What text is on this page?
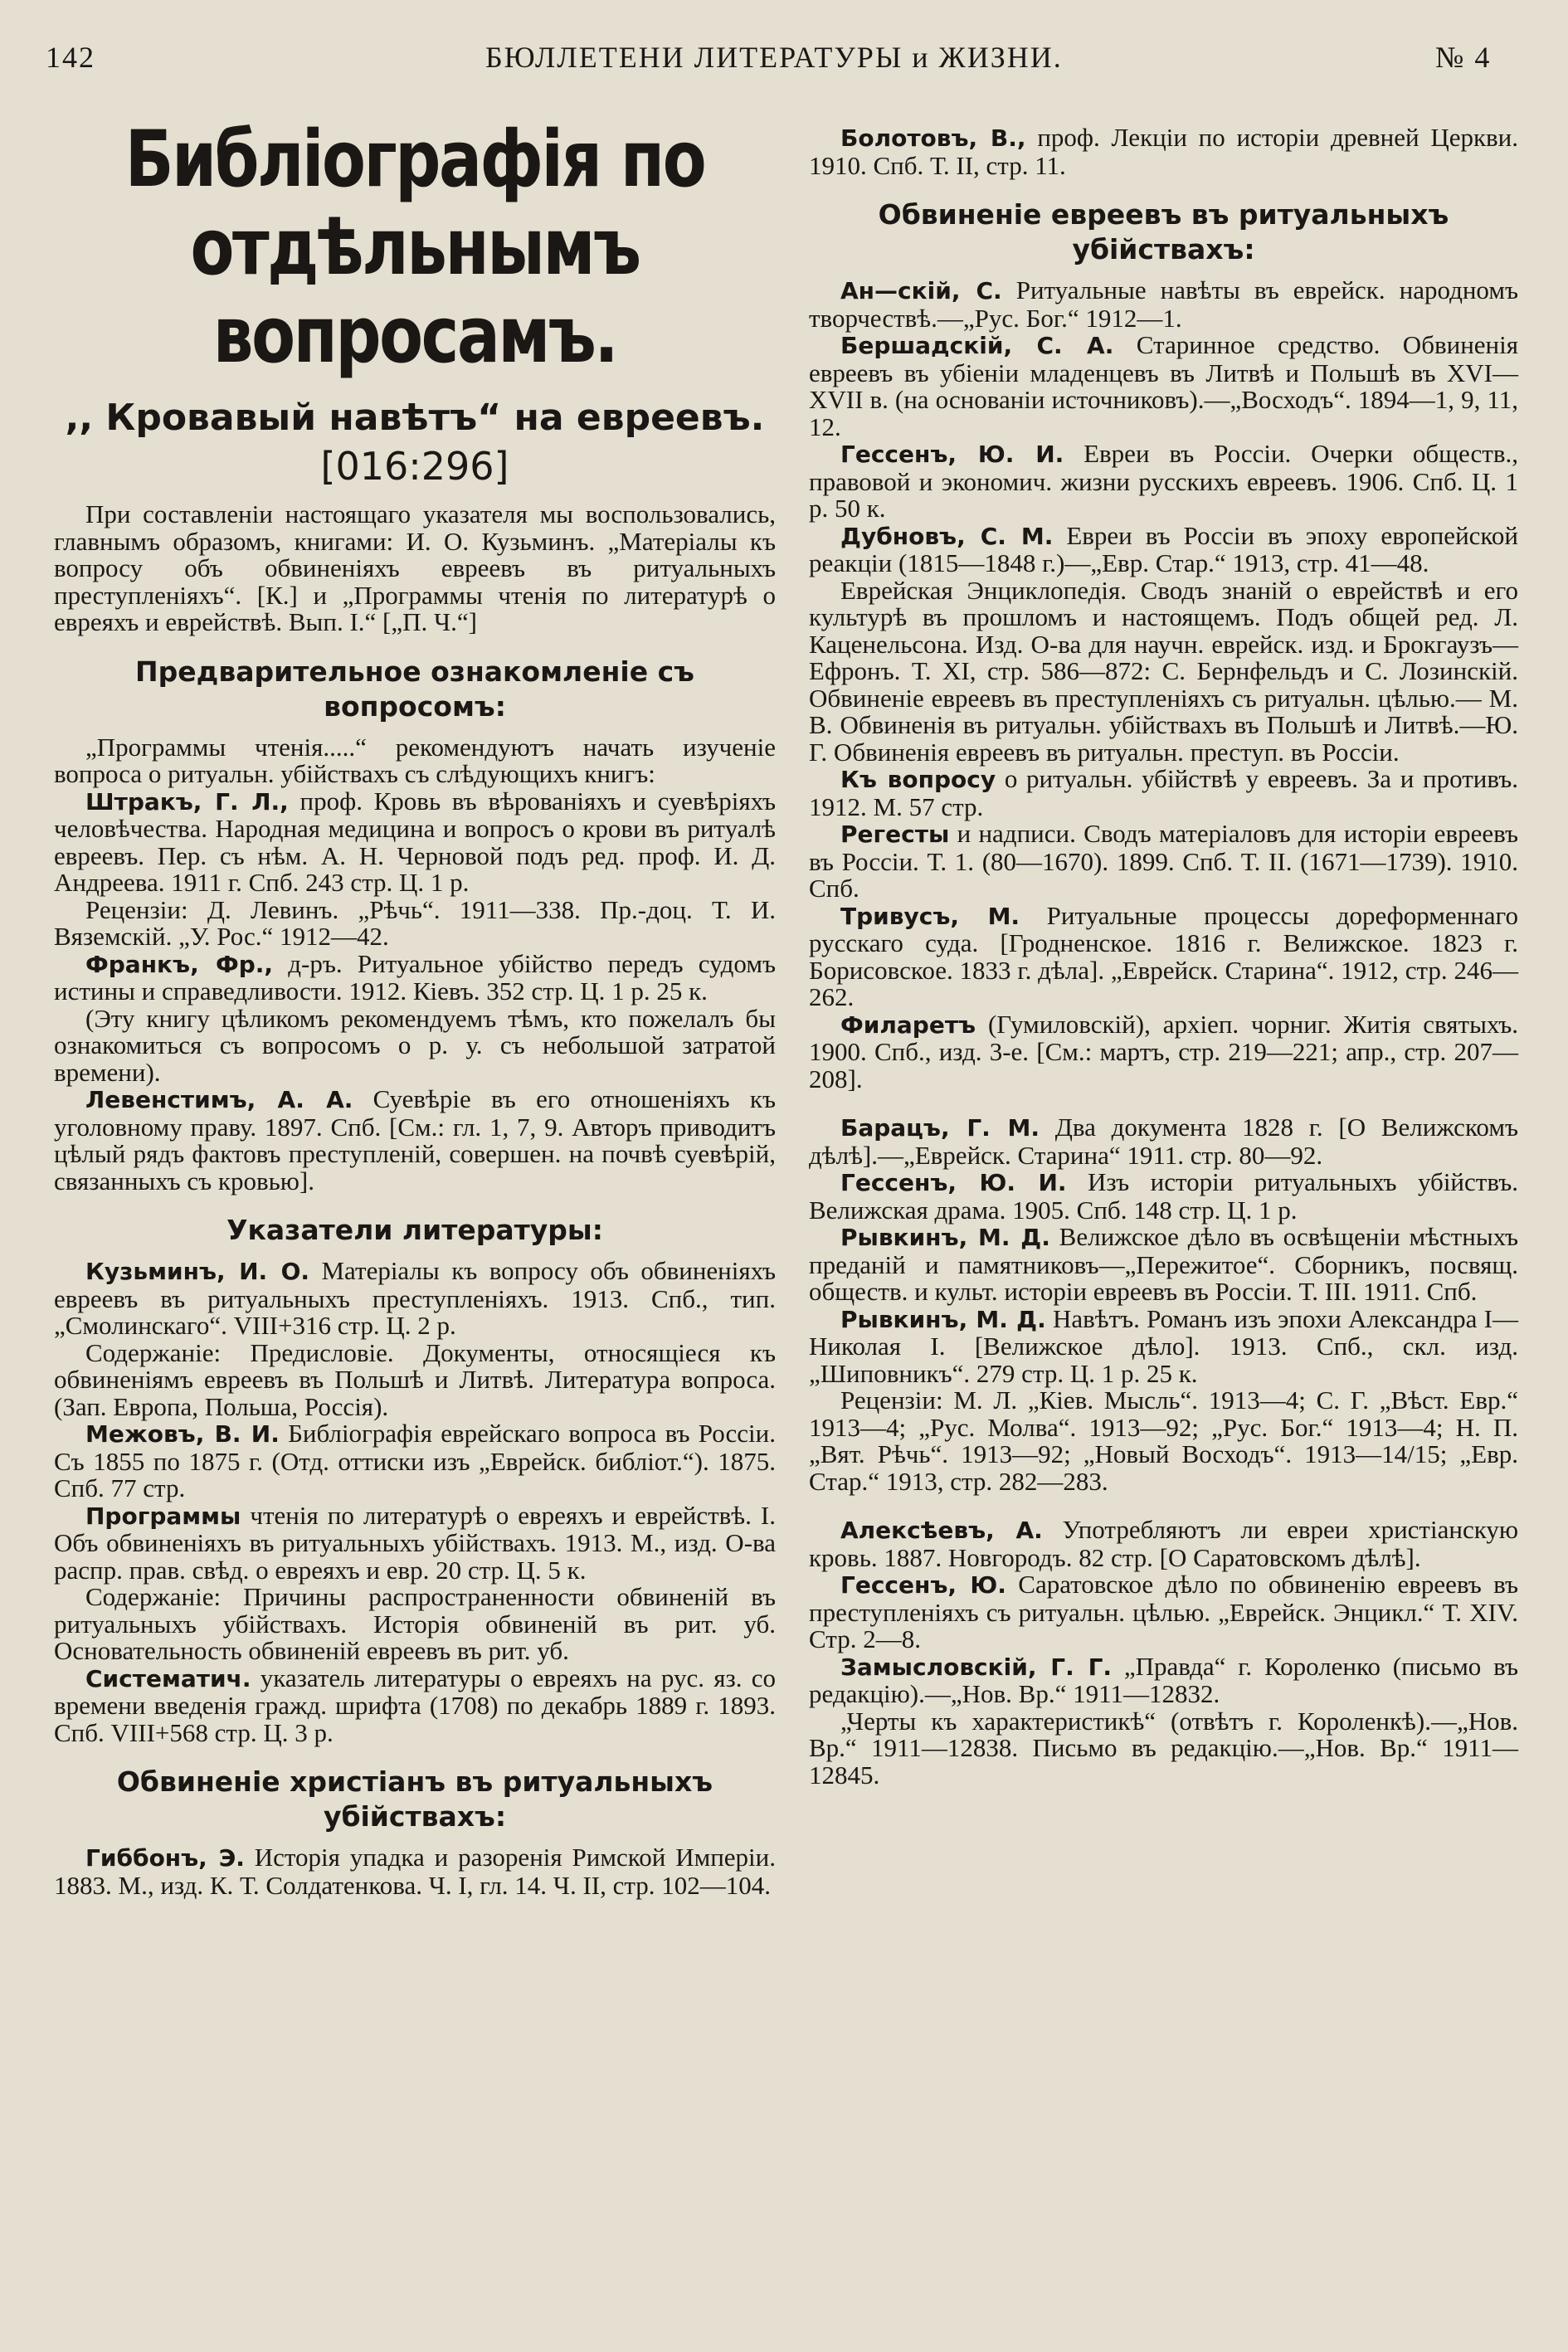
142	БЮЛЛЕТЕНИ ЛИТЕРАТУРЫ и ЖИЗНИ.	№ 4
Библіографія по отдѣльнымъ вопросамъ.
,, Кровавый навѣтъ“ на евреевъ.
[016:296]

При составленіи настоящаго указателя мы воспользовались, главнымъ образомъ, книгами: И. О. Кузьминъ. „Матеріалы къ вопросу объ обвиненіяхъ евреевъ въ ритуальныхъ преступленіяхъ“. [К.] и „Программы чтенія по литературѣ о евреяхъ и еврействѣ. Вып. I.“ [„П. Ч.“]

Предварительное ознакомленіе съ вопросомъ:

„Программы чтенія.....“ рекомендуютъ начать изученіе вопроса о ритуальн. убійствахъ съ слѣдующихъ книгъ:

Штракъ, Г. Л., проф. Кровь въ вѣрованіяхъ и суевѣріяхъ человѣчества. Народная медицина и вопросъ о крови въ ритуалѣ евреевъ. Пер. съ нѣм. А. Н. Черновой подъ ред. проф. И. Д. Андреева. 1911 г. Спб. 243 стр. Ц. 1 р.

Рецензіи: Д. Левинъ. „Рѣчь“. 1911—338. Пр.-доц. Т. И. Вяземскій. „У. Рос.“ 1912—42.

Франкъ, Фр., д-ръ. Ритуальное убійство передъ судомъ истины и справедливости. 1912. Кіевъ. 352 стр. Ц. 1 р. 25 к.

(Эту книгу цѣликомъ рекомендуемъ тѣмъ, кто пожелалъ бы ознакомиться съ вопросомъ о р. у. съ небольшой затратой времени).

Левенстимъ, А. А. Суевѣріе въ его отношеніяхъ къ уголовному праву. 1897. Спб. [См.: гл. 1, 7, 9. Авторъ приводитъ цѣлый рядъ фактовъ преступленій, совершен. на почвѣ суевѣрій, связанныхъ съ кровью].

Указатели литературы:

Кузьминъ, И. О. Матеріалы къ вопросу объ обвиненіяхъ евреевъ въ ритуальныхъ преступленіяхъ. 1913. Спб., тип. „Смолинскаго“. VIII+316 стр. Ц. 2 р.

Содержаніе: Предисловіе. Документы, относящіеся къ обвиненіямъ евреевъ въ Польшѣ и Литвѣ. Литература вопроса. (Зап. Европа, Польша, Россія).

Межовъ, В. И. Библіографія еврейскаго вопроса въ Россіи. Съ 1855 по 1875 г. (Отд. оттиски изъ „Еврейск. библіот.“). 1875. Спб. 77 стр.

Программы чтенія по литературѣ о евреяхъ и еврействѣ. I. Объ обвиненіяхъ въ ритуальныхъ убійствахъ. 1913. М., изд. О-ва распр. прав. свѣд. о евреяхъ и евр. 20 стр. Ц. 5 к.

Содержаніе: Причины распространенности обвиненій въ ритуальныхъ убійствахъ. Исторія обвиненій въ рит. уб. Основательность обвиненій евреевъ въ рит. уб.

Систематич. указатель литературы о евреяхъ на рус. яз. со времени введенія гражд. шрифта (1708) по декабрь 1889 г. 1893. Спб. VIII+568 стр. Ц. 3 р.

Обвиненіе христіанъ въ ритуальныхъ убійствахъ:

Гиббонъ, Э. Исторія упадка и разоренія Римской Имперіи. 1883. М., изд. К. Т. Солдатенкова. Ч. I, гл. 14. Ч. II, стр. 102—104.

Болотовъ, В., проф. Лекціи по исторіи древней Церкви. 1910. Спб. Т. II, стр. 11.

Обвиненіе евреевъ въ ритуальныхъ убійствахъ:

Ан—скій, С. Ритуальные навѣты въ еврейск. народномъ творчествѣ.—„Рус. Бог.“ 1912—1.

Бершадскій, С. А. Старинное средство. Обвиненія евреевъ въ убіеніи младенцевъ въ Литвѣ и Польшѣ въ XVI—XVII в. (на основаніи источниковъ).—„Восходъ“. 1894—1, 9, 11, 12.

Гессенъ, Ю. И. Евреи въ Россіи. Очерки обществ., правовой и экономич. жизни русскихъ евреевъ. 1906. Спб. Ц. 1 р. 50 к.

Дубновъ, С. М. Евреи въ Россіи въ эпоху европейской реакціи (1815—1848 г.)—„Евр. Стар.“ 1913, стр. 41—48.

Еврейская Энциклопедія. Сводъ знаній о еврействѣ и его культурѣ въ прошломъ и настоящемъ. Подъ общей ред. Л. Каценельсона. Изд. О-ва для научн. еврейск. изд. и Брокгаузъ—Ефронъ. Т. XI, стр. 586—872: С. Бернфельдъ и С. Лозинскій. Обвиненіе евреевъ въ преступленіяхъ съ ритуальн. цѣлью.— М. В. Обвиненія въ ритуальн. убійствахъ въ Польшѣ и Литвѣ.—Ю. Г. Обвиненія евреевъ въ ритуальн. преступ. въ Россіи.

Къ вопросу о ритуальн. убійствѣ у евреевъ. За и противъ. 1912. М. 57 стр.

Регесты и надписи. Сводъ матеріаловъ для исторіи евреевъ въ Россіи. Т. 1. (80—1670). 1899. Спб. Т. II. (1671—1739). 1910. Спб.

Тривусъ, М. Ритуальные процессы дореформеннаго русскаго суда. [Гродненское. 1816 г. Велижское. 1823 г. Борисовское. 1833 г. дѣла]. „Еврейск. Старина“. 1912, стр. 246—262.

Филаретъ (Гумиловскій), архіеп. чорниг. Житія святыхъ. 1900. Спб., изд. 3-е. [См.: мартъ, стр. 219—221; апр., стр. 207—208].

Барацъ, Г. М. Два документа 1828 г. [О Велижскомъ дѣлѣ].—„Еврейск. Старина“ 1911. стр. 80—92.

Гессенъ, Ю. И. Изъ исторіи ритуальныхъ убійствъ. Велижская драма. 1905. Спб. 148 стр. Ц. 1 р.

Рывкинъ, М. Д. Велижское дѣло въ освѣщеніи мѣстныхъ преданій и памятниковъ—„Пережитое“. Сборникъ, посвящ. обществ. и культ. исторіи евреевъ въ Россіи. Т. III. 1911. Спб.

Рывкинъ, М. Д. Навѣтъ. Романъ изъ эпохи Александра I—Николая I. [Велижское дѣло]. 1913. Спб., скл. изд. „Шиповникъ“. 279 стр. Ц. 1 р. 25 к.

Рецензіи: М. Л. „Кіев. Мысль“. 1913—4; С. Г. „Вѣст. Евр.“ 1913—4; „Рус. Молва“. 1913—92; „Рус. Бог.“ 1913—4; Н. П. „Вят. Рѣчь“. 1913—92; „Новый Восходъ“. 1913—14/15; „Евр. Стар.“ 1913, стр. 282—283.

Алексѣевъ, А. Употребляютъ ли евреи христіанскую кровь. 1887. Новгородъ. 82 стр. [О Саратовскомъ дѣлѣ].

Гессенъ, Ю. Саратовское дѣло по обвиненію евреевъ въ преступленіяхъ съ ритуальн. цѣлью. „Еврейск. Энцикл.“ Т. XIV. Стр. 2—8.

Замысловскій, Г. Г. „Правда“ г. Короленко (письмо въ редакцію).—„Нов. Вр.“ 1911—12832.

„Черты къ характеристикѣ“ (отвѣтъ г. Короленкѣ).—„Нов. Вр.“ 1911—12838. Письмо въ редакцію.—„Нов. Вр.“ 1911—12845.
